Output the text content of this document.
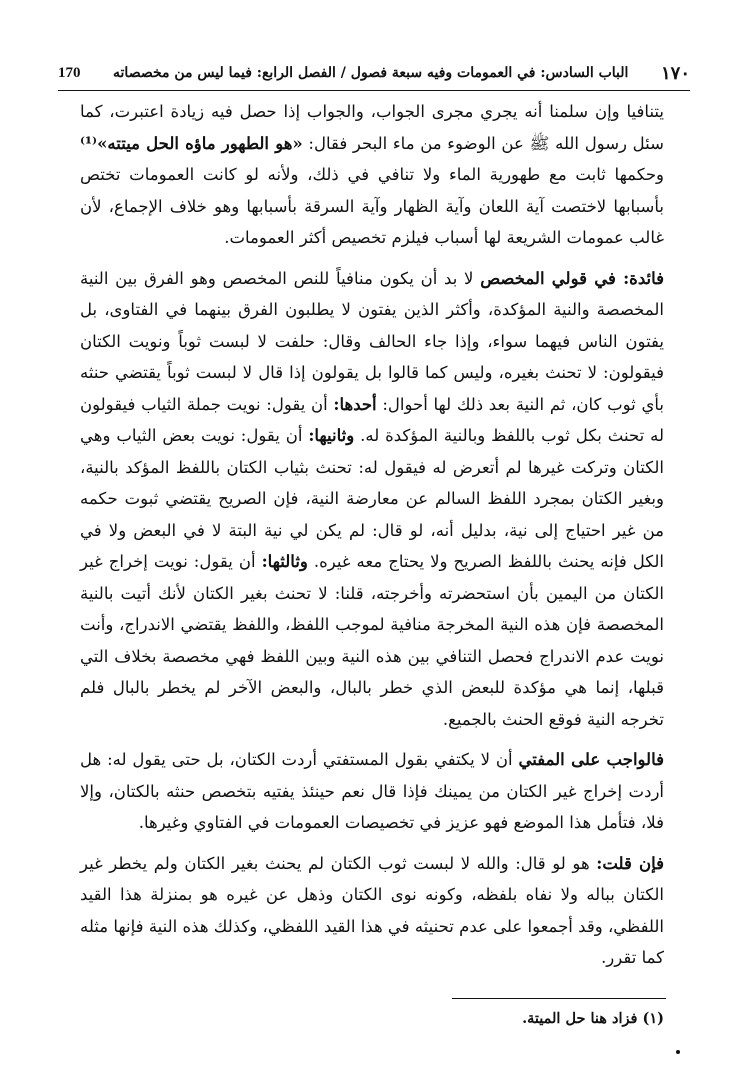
١٧٠
الباب السادس: في العمومات وفيه سبعة فصول / الفصل الرابع: فيما ليس من مخصصاته
170

يتنافيا وإن سلمنا أنه يجري مجرى الجواب، والجواب إذا حصل فيه زيادة اعتبرت، كما سئل رسول الله ﷺ عن الوضوء من ماء البحر فقال: «هو الطهور ماؤه الحل ميتته»⁽¹⁾ وحكمها ثابت مع طهورية الماء ولا تنافي في ذلك، ولأنه لو كانت العمومات تختص بأسبابها لاختصت آية اللعان وآية الظهار وآية السرقة بأسبابها وهو خلاف الإجماع، لأن غالب عمومات الشريعة لها أسباب فيلزم تخصيص أكثر العمومات.

فائدة: في قولي المخصص لا بد أن يكون منافياً للنص المخصص وهو الفرق بين النية المخصصة والنية المؤكدة، وأكثر الذين يفتون لا يطلبون الفرق بينهما في الفتاوى، بل يفتون الناس فيهما سواء، وإذا جاء الحالف وقال: حلفت لا لبست ثوباً ونويت الكتان فيقولون: لا تحنث بغيره، وليس كما قالوا بل يقولون إذا قال لا لبست ثوباً يقتضي حنثه بأي ثوب كان، ثم النية بعد ذلك لها أحوال: أحدها: أن يقول: نويت جملة الثياب فيقولون له تحنث بكل ثوب باللفظ وبالنية المؤكدة له. وثانيها: أن يقول: نويت بعض الثياب وهي الكتان وتركت غيرها لم أتعرض له فيقول له: تحنث بثياب الكتان باللفظ المؤكد بالنية، وبغير الكتان بمجرد اللفظ السالم عن معارضة النية، فإن الصريح يقتضي ثبوت حكمه من غير احتياج إلى نية، بدليل أنه، لو قال: لم يكن لي نية البتة لا في البعض ولا في الكل فإنه يحنث باللفظ الصريح ولا يحتاج معه غيره. وثالثها: أن يقول: نويت إخراج غير الكتان من اليمين بأن استحضرته وأخرجته، قلنا: لا تحنث بغير الكتان لأنك أتيت بالنية المخصصة فإن هذه النية المخرجة منافية لموجب اللفظ، واللفظ يقتضي الاندراج، وأنت نويت عدم الاندراج فحصل التنافي بين هذه النية وبين اللفظ فهي مخصصة بخلاف التي قبلها، إنما هي مؤكدة للبعض الذي خطر بالبال، والبعض الآخر لم يخطر بالبال فلم تخرجه النية فوقع الحنث بالجميع.

فالواجب على المفتي أن لا يكتفي بقول المستفتي أردت الكتان، بل حتى يقول له: هل أردت إخراج غير الكتان من يمينك فإذا قال نعم حينئذ يفتيه بتخصص حنثه بالكتان، وإلا فلا، فتأمل هذا الموضع فهو عزيز في تخصيصات العمومات في الفتاوي وغيرها.

فإن قلت: هو لو قال: والله لا لبست ثوب الكتان لم يحنث بغير الكتان ولم يخطر غير الكتان بباله ولا نفاه بلفظه، وكونه نوى الكتان وذهل عن غيره هو بمنزلة هذا القيد اللفظي، وقد أجمعوا على عدم تحنيثه في هذا القيد اللفظي، وكذلك هذه النية فإنها مثله كما تقرر.

(١) فزاد هنا حل الميتة.
